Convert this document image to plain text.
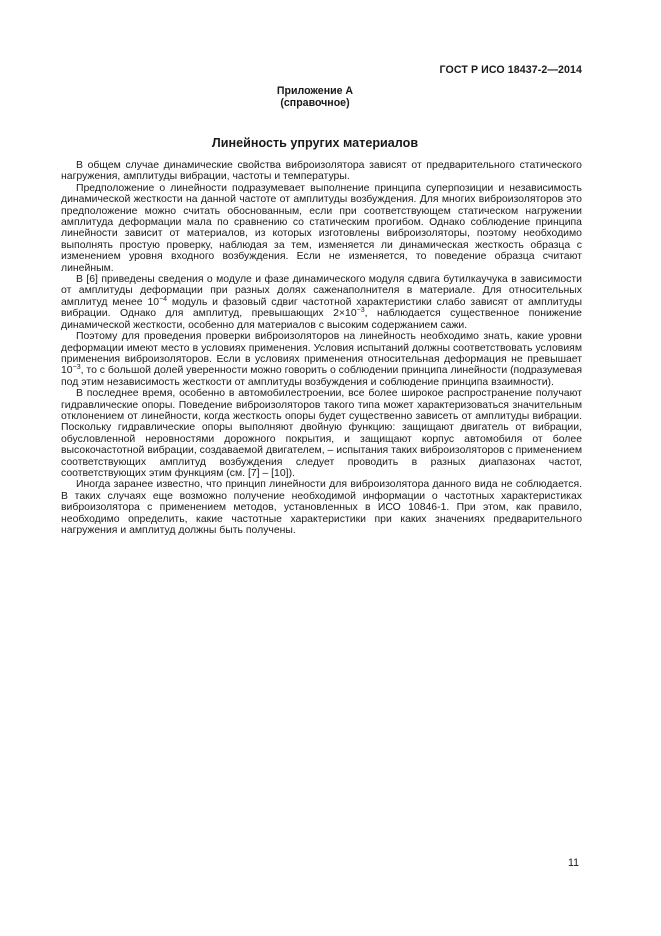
ГОСТ Р ИСО 18437-2—2014
Приложение А
(справочное)
Линейность упругих материалов

В общем случае динамические свойства виброизолятора зависят от предварительного статического нагружения, амплитуды вибрации, частоты и температуры.

Предположение о линейности подразумевает выполнение принципа суперпозиции и независимость динамической жесткости на данной частоте от амплитуды возбуждения. Для многих виброизоляторов это предположение можно считать обоснованным, если при соответствующем статическом нагружении амплитуда деформации мала по сравнению со статическим прогибом. Однако соблюдение принципа линейности зависит от материалов, из которых изготовлены виброизоляторы, поэтому необходимо выполнять простую проверку, наблюдая за тем, изменяется ли динамическая жесткость образца с изменением уровня входного возбуждения. Если не изменяется, то поведение образца считают линейным.

В [6] приведены сведения о модуле и фазе динамического модуля сдвига бутилкаучука в зависимости от амплитуды деформации при разных долях саженаполнителя в материале. Для относительных амплитуд менее $10^{-4}$ модуль и фазовый сдвиг частотной характеристики слабо зависят от амплитуды вибрации. Однако для амплитуд, превышающих $2\times 10^{-3}$, наблюдается существенное понижение динамической жесткости, особенно для материалов с высоким содержанием сажи.

Поэтому для проведения проверки виброизоляторов на линейность необходимо знать, какие уровни деформации имеют место в условиях применения. Условия испытаний должны соответствовать условиям применения виброизоляторов. Если в условиях применения относительная деформация не превышает $10^{-3}$, то с большой долей уверенности можно говорить о соблюдении принципа линейности (подразумевая под этим независимость жесткости от амплитуды возбуждения и соблюдение принципа взаимности).

В последнее время, особенно в автомобилестроении, все более широкое распространение получают гидравлические опоры. Поведение виброизоляторов такого типа может характеризоваться значительным отклонением от линейности, когда жесткость опоры будет существенно зависеть от амплитуды вибрации. Поскольку гидравлические опоры выполняют двойную функцию: защищают двигатель от вибрации, обусловленной неровностями дорожного покрытия, и защищают корпус автомобиля от более высокочастотной вибрации, создаваемой двигателем, – испытания таких виброизоляторов с применением соответствующих амплитуд возбуждения следует проводить в разных диапазонах частот, соответствующих этим функциям (см. [7] – [10]).

Иногда заранее известно, что принцип линейности для виброизолятора данного вида не соблюдается. В таких случаях еще возможно получение необходимой информации о частотных характеристиках виброизолятора с применением методов, установленных в ИСО 10846-1. При этом, как правило, необходимо определить, какие частотные характеристики при каких значениях предварительного нагружения и амплитуд должны быть получены.

11
